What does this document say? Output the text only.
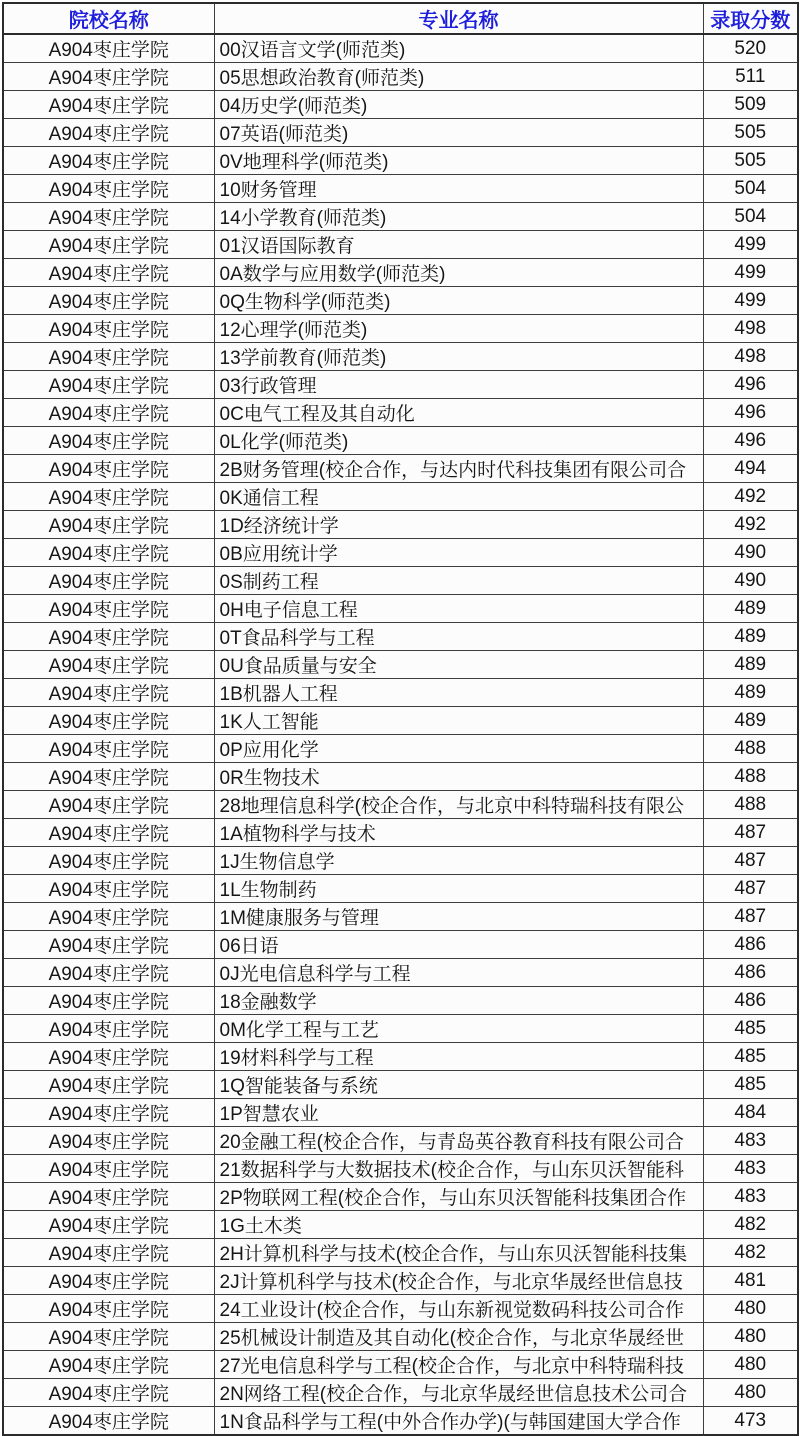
院校名称	专业名称	录取分数
A904枣庄学院	00汉语言文学(师范类)	520
A904枣庄学院	05思想政治教育(师范类)	511
A904枣庄学院	04历史学(师范类)	509
A904枣庄学院	07英语(师范类)	505
A904枣庄学院	0V地理科学(师范类)	505
A904枣庄学院	10财务管理	504
A904枣庄学院	14小学教育(师范类)	504
A904枣庄学院	01汉语国际教育	499
A904枣庄学院	0A数学与应用数学(师范类)	499
A904枣庄学院	0Q生物科学(师范类)	499
A904枣庄学院	12心理学(师范类)	498
A904枣庄学院	13学前教育(师范类)	498
A904枣庄学院	03行政管理	496
A904枣庄学院	0C电气工程及其自动化	496
A904枣庄学院	0L化学(师范类)	496
A904枣庄学院	2B财务管理(校企合作，与达内时代科技集团有限公司合	494
A904枣庄学院	0K通信工程	492
A904枣庄学院	1D经济统计学	492
A904枣庄学院	0B应用统计学	490
A904枣庄学院	0S制药工程	490
A904枣庄学院	0H电子信息工程	489
A904枣庄学院	0T食品科学与工程	489
A904枣庄学院	0U食品质量与安全	489
A904枣庄学院	1B机器人工程	489
A904枣庄学院	1K人工智能	489
A904枣庄学院	0P应用化学	488
A904枣庄学院	0R生物技术	488
A904枣庄学院	28地理信息科学(校企合作，与北京中科特瑞科技有限公	488
A904枣庄学院	1A植物科学与技术	487
A904枣庄学院	1J生物信息学	487
A904枣庄学院	1L生物制药	487
A904枣庄学院	1M健康服务与管理	487
A904枣庄学院	06日语	486
A904枣庄学院	0J光电信息科学与工程	486
A904枣庄学院	18金融数学	486
A904枣庄学院	0M化学工程与工艺	485
A904枣庄学院	19材料科学与工程	485
A904枣庄学院	1Q智能装备与系统	485
A904枣庄学院	1P智慧农业	484
A904枣庄学院	20金融工程(校企合作，与青岛英谷教育科技有限公司合	483
A904枣庄学院	21数据科学与大数据技术(校企合作，与山东贝沃智能科	483
A904枣庄学院	2P物联网工程(校企合作，与山东贝沃智能科技集团合作	483
A904枣庄学院	1G土木类	482
A904枣庄学院	2H计算机科学与技术(校企合作，与山东贝沃智能科技集	482
A904枣庄学院	2J计算机科学与技术(校企合作，与北京华晟经世信息技	481
A904枣庄学院	24工业设计(校企合作，与山东新视觉数码科技公司合作	480
A904枣庄学院	25机械设计制造及其自动化(校企合作，与北京华晟经世	480
A904枣庄学院	27光电信息科学与工程(校企合作，与北京中科特瑞科技	480
A904枣庄学院	2N网络工程(校企合作，与北京华晟经世信息技术公司合	480
A904枣庄学院	1N食品科学与工程(中外合作办学)(与韩国建国大学合作	473
